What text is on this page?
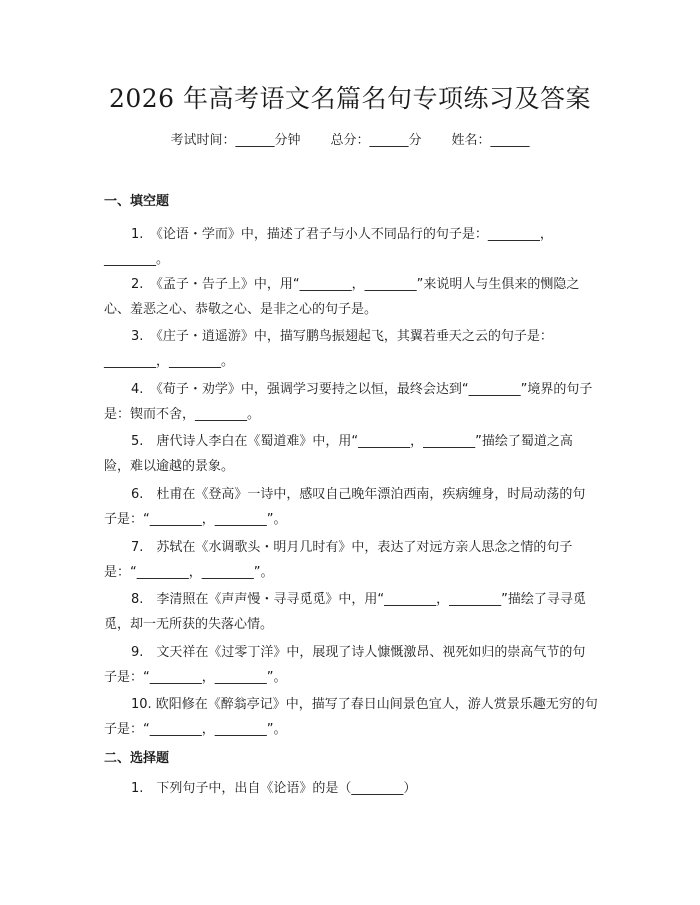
2026 年高考语文名篇名句专项练习及答案
考试时间：______分钟 总分：______分 姓名：______
一、填空题
1.　《论语・学而》中，描述了君子与小人不同品行的句子是：________，________。
2.　《孟子・告子上》中，用“________，________”来说明人与生俱来的恻隐之心、羞恶之心、恭敬之心、是非之心的句子是。
3.　《庄子・逍遥游》中，描写鹏鸟振翅起飞，其翼若垂天之云的句子是：________，________。
4.　《荀子・劝学》中，强调学习要持之以恒，最终会达到“________”境界的句子是：锲而不舍，________。
5.　唐代诗人李白在《蜀道难》中，用“________，________”描绘了蜀道之高险，难以逾越的景象。
6.　杜甫在《登高》一诗中，感叹自己晚年漂泊西南，疾病缠身，时局动荡的句子是：“________，________”。
7.　苏轼在《水调歌头・明月几时有》中，表达了对远方亲人思念之情的句子是：“________，________”。
8.　李清照在《声声慢・寻寻觅觅》中，用“________，________”描绘了寻寻觅觅，却一无所获的失落心情。
9.　文天祥在《过零丁洋》中，展现了诗人慷慨激昂、视死如归的崇高气节的句子是：“________，________”。
10. 欧阳修在《醉翁亭记》中，描写了春日山间景色宜人，游人赏景乐趣无穷的句子是：“________，________”。
二、选择题
1.　下列句子中，出自《论语》的是（________）
